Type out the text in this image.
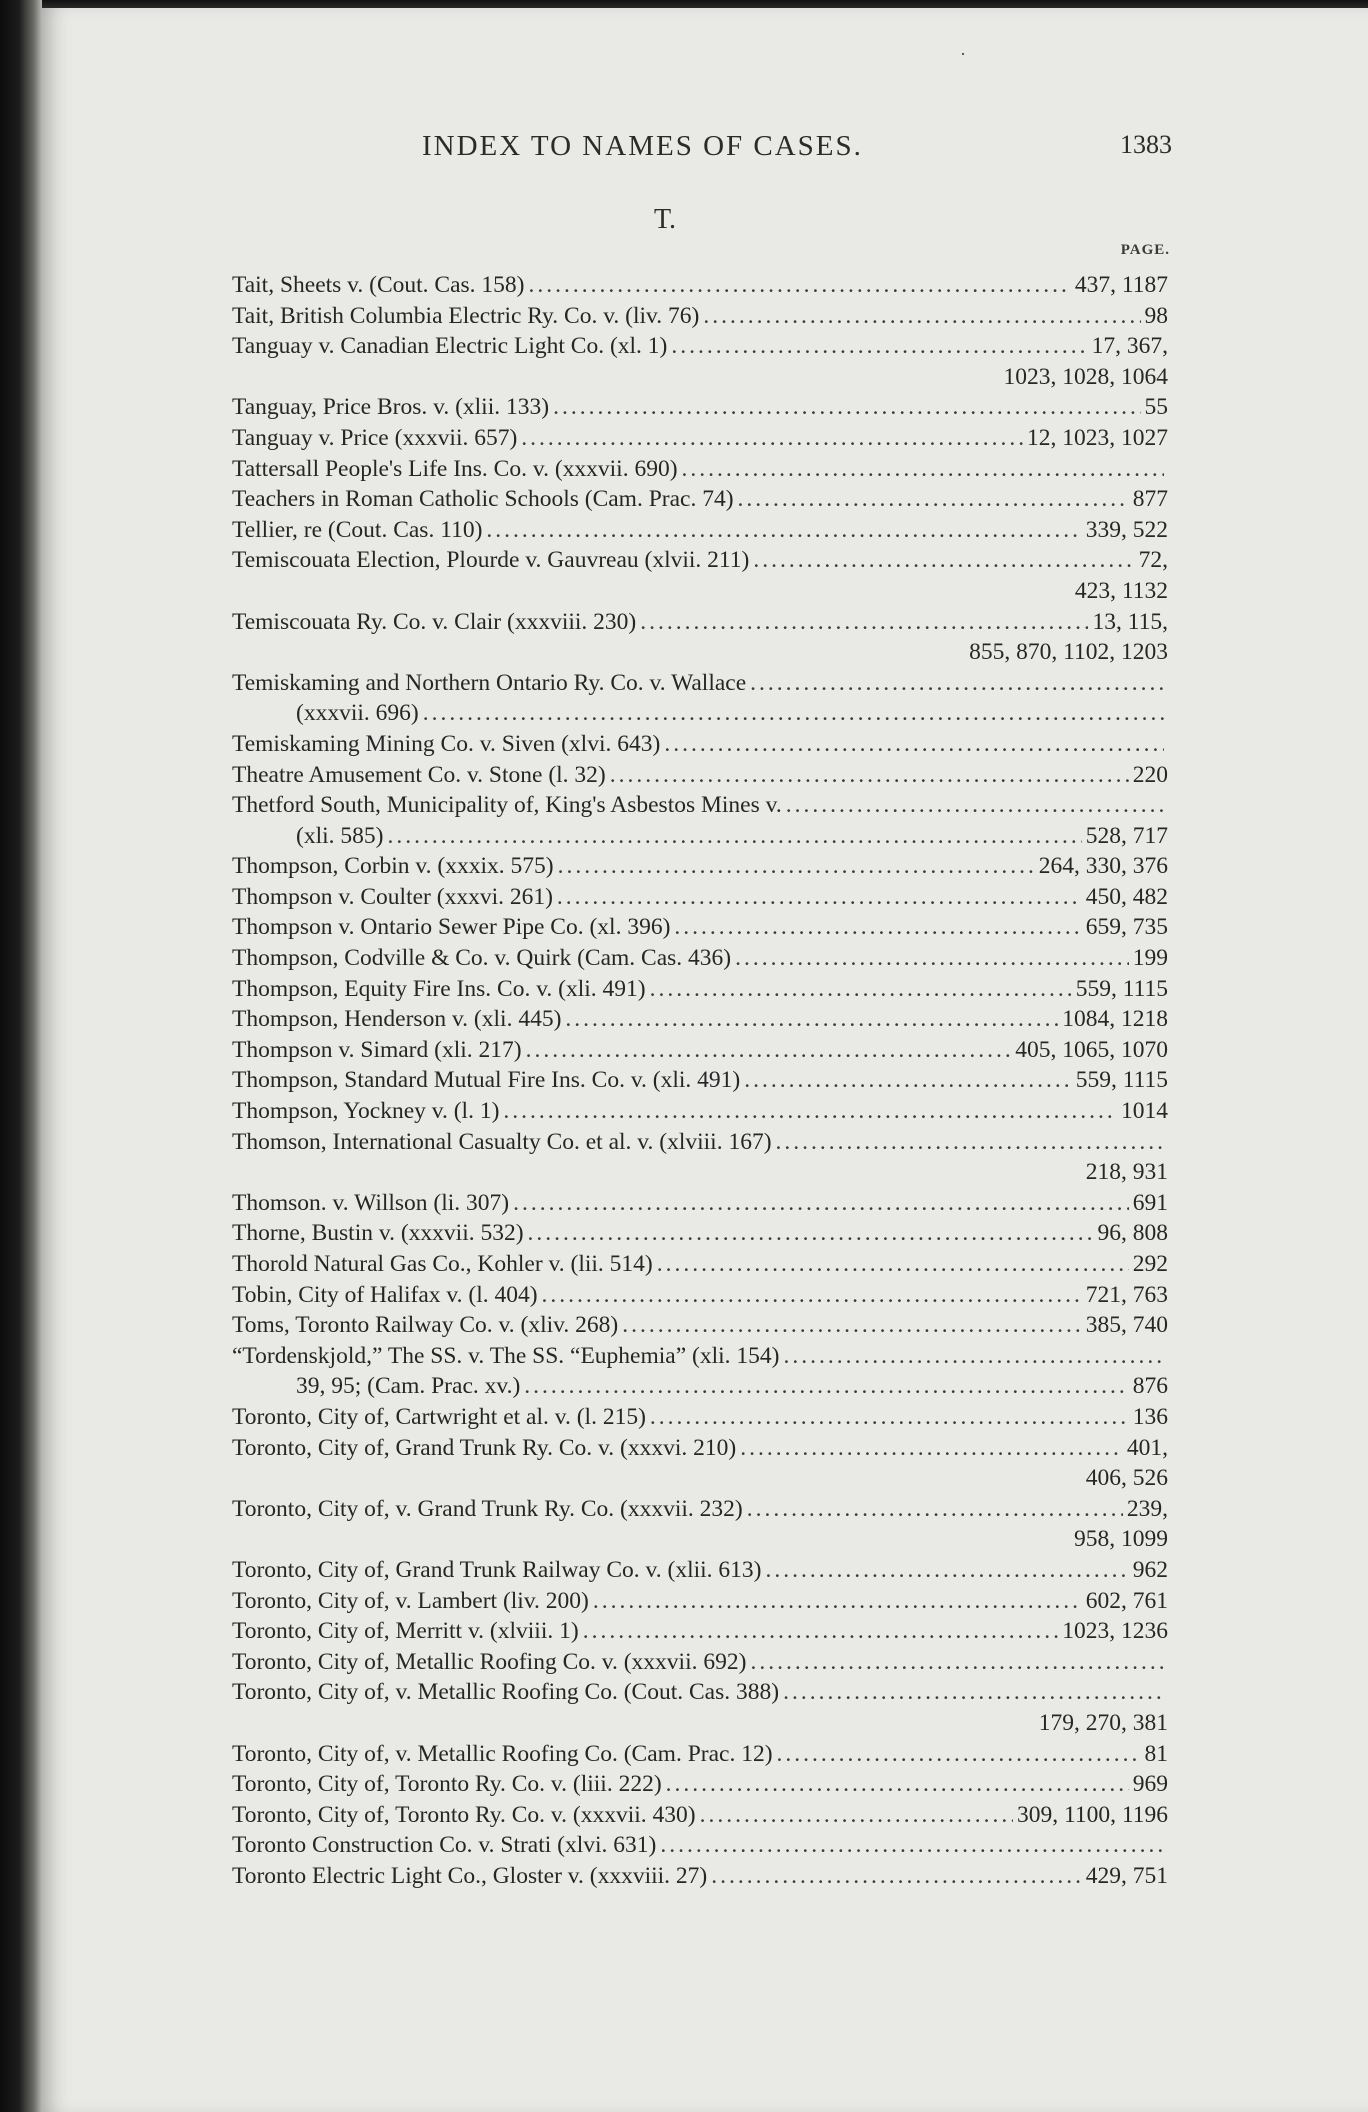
INDEX TO NAMES OF CASES.	1383
T.
PAGE.
Tait, Sheets v. (Cout. Cas. 158) .....	437, 1187
Tait, British Columbia Electric Ry. Co. v. (liv. 76) .....	98
Tanguay v. Canadian Electric Light Co. (xl. 1) .....	17, 367,
1023, 1028, 1064
Tanguay, Price Bros. v. (xlii. 133) .....	55
Tanguay v. Price (xxxvii. 657) .....	12, 1023, 1027
Tattersall People's Life Ins. Co. v. (xxxvii. 690)
.....
Teachers in Roman Catholic Schools (Cam. Prac. 74) .....	877
Tellier, re (Cout. Cas. 110) .....	339, 522
Temiscouata Election, Plourde v. Gauvreau (xlvii. 211) .....	72,
423, 1132
Temiscouata Ry. Co. v. Clair (xxxviii. 230) .....	13, 115,
855, 870, 1102, 1203
Temiskaming and Northern Ontario Ry. Co. v. Wallace
.....
(xxxvii. 696)
.....
Temiskaming Mining Co. v. Siven (xlvi. 643)
.....
Theatre Amusement Co. v. Stone (l. 32) .....	220
Thetford South, Municipality of, King's Asbestos Mines v.
.....
(xli. 585) .....	528, 717
Thompson, Corbin v. (xxxix. 575) .....	264, 330, 376
Thompson v. Coulter (xxxvi. 261) .....	450, 482
Thompson v. Ontario Sewer Pipe Co. (xl. 396) .....	659, 735
Thompson, Codville & Co. v. Quirk (Cam. Cas. 436) .....	199
Thompson, Equity Fire Ins. Co. v. (xli. 491) .....	559, 1115
Thompson, Henderson v. (xli. 445) .....	1084, 1218
Thompson v. Simard (xli. 217) .....	405, 1065, 1070
Thompson, Standard Mutual Fire Ins. Co. v. (xli. 491) .....	559, 1115
Thompson, Yockney v. (l. 1) .....	1014
Thomson, International Casualty Co. et al. v. (xlviii. 167)
.....
218, 931
Thomson. v. Willson (li. 307) .....	691
Thorne, Bustin v. (xxxvii. 532) .....	96, 808
Thorold Natural Gas Co., Kohler v. (lii. 514) .....	292
Tobin, City of Halifax v. (l. 404) .....	721, 763
Toms, Toronto Railway Co. v. (xliv. 268) .....	385, 740
“Tordenskjold,” The SS. v. The SS. “Euphemia” (xli. 154)
.....
39, 95; (Cam. Prac. xv.) .....	876
Toronto, City of, Cartwright et al. v. (l. 215) .....	136
Toronto, City of, Grand Trunk Ry. Co. v. (xxxvi. 210) .....	401,
406, 526
Toronto, City of, v. Grand Trunk Ry. Co. (xxxvii. 232) .....	239,
958, 1099
Toronto, City of, Grand Trunk Railway Co. v. (xlii. 613) .....	962
Toronto, City of, v. Lambert (liv. 200) .....	602, 761
Toronto, City of, Merritt v. (xlviii. 1) .....	1023, 1236
Toronto, City of, Metallic Roofing Co. v. (xxxvii. 692)
.....
Toronto, City of, v. Metallic Roofing Co. (Cout. Cas. 388)
.....
179, 270, 381
Toronto, City of, v. Metallic Roofing Co. (Cam. Prac. 12) .....	81
Toronto, City of, Toronto Ry. Co. v. (liii. 222) .....	969
Toronto, City of, Toronto Ry. Co. v. (xxxvii. 430) .....	309, 1100, 1196
Toronto Construction Co. v. Strati (xlvi. 631)
.....
Toronto Electric Light Co., Gloster v. (xxxviii. 27) .....	429, 751
·
